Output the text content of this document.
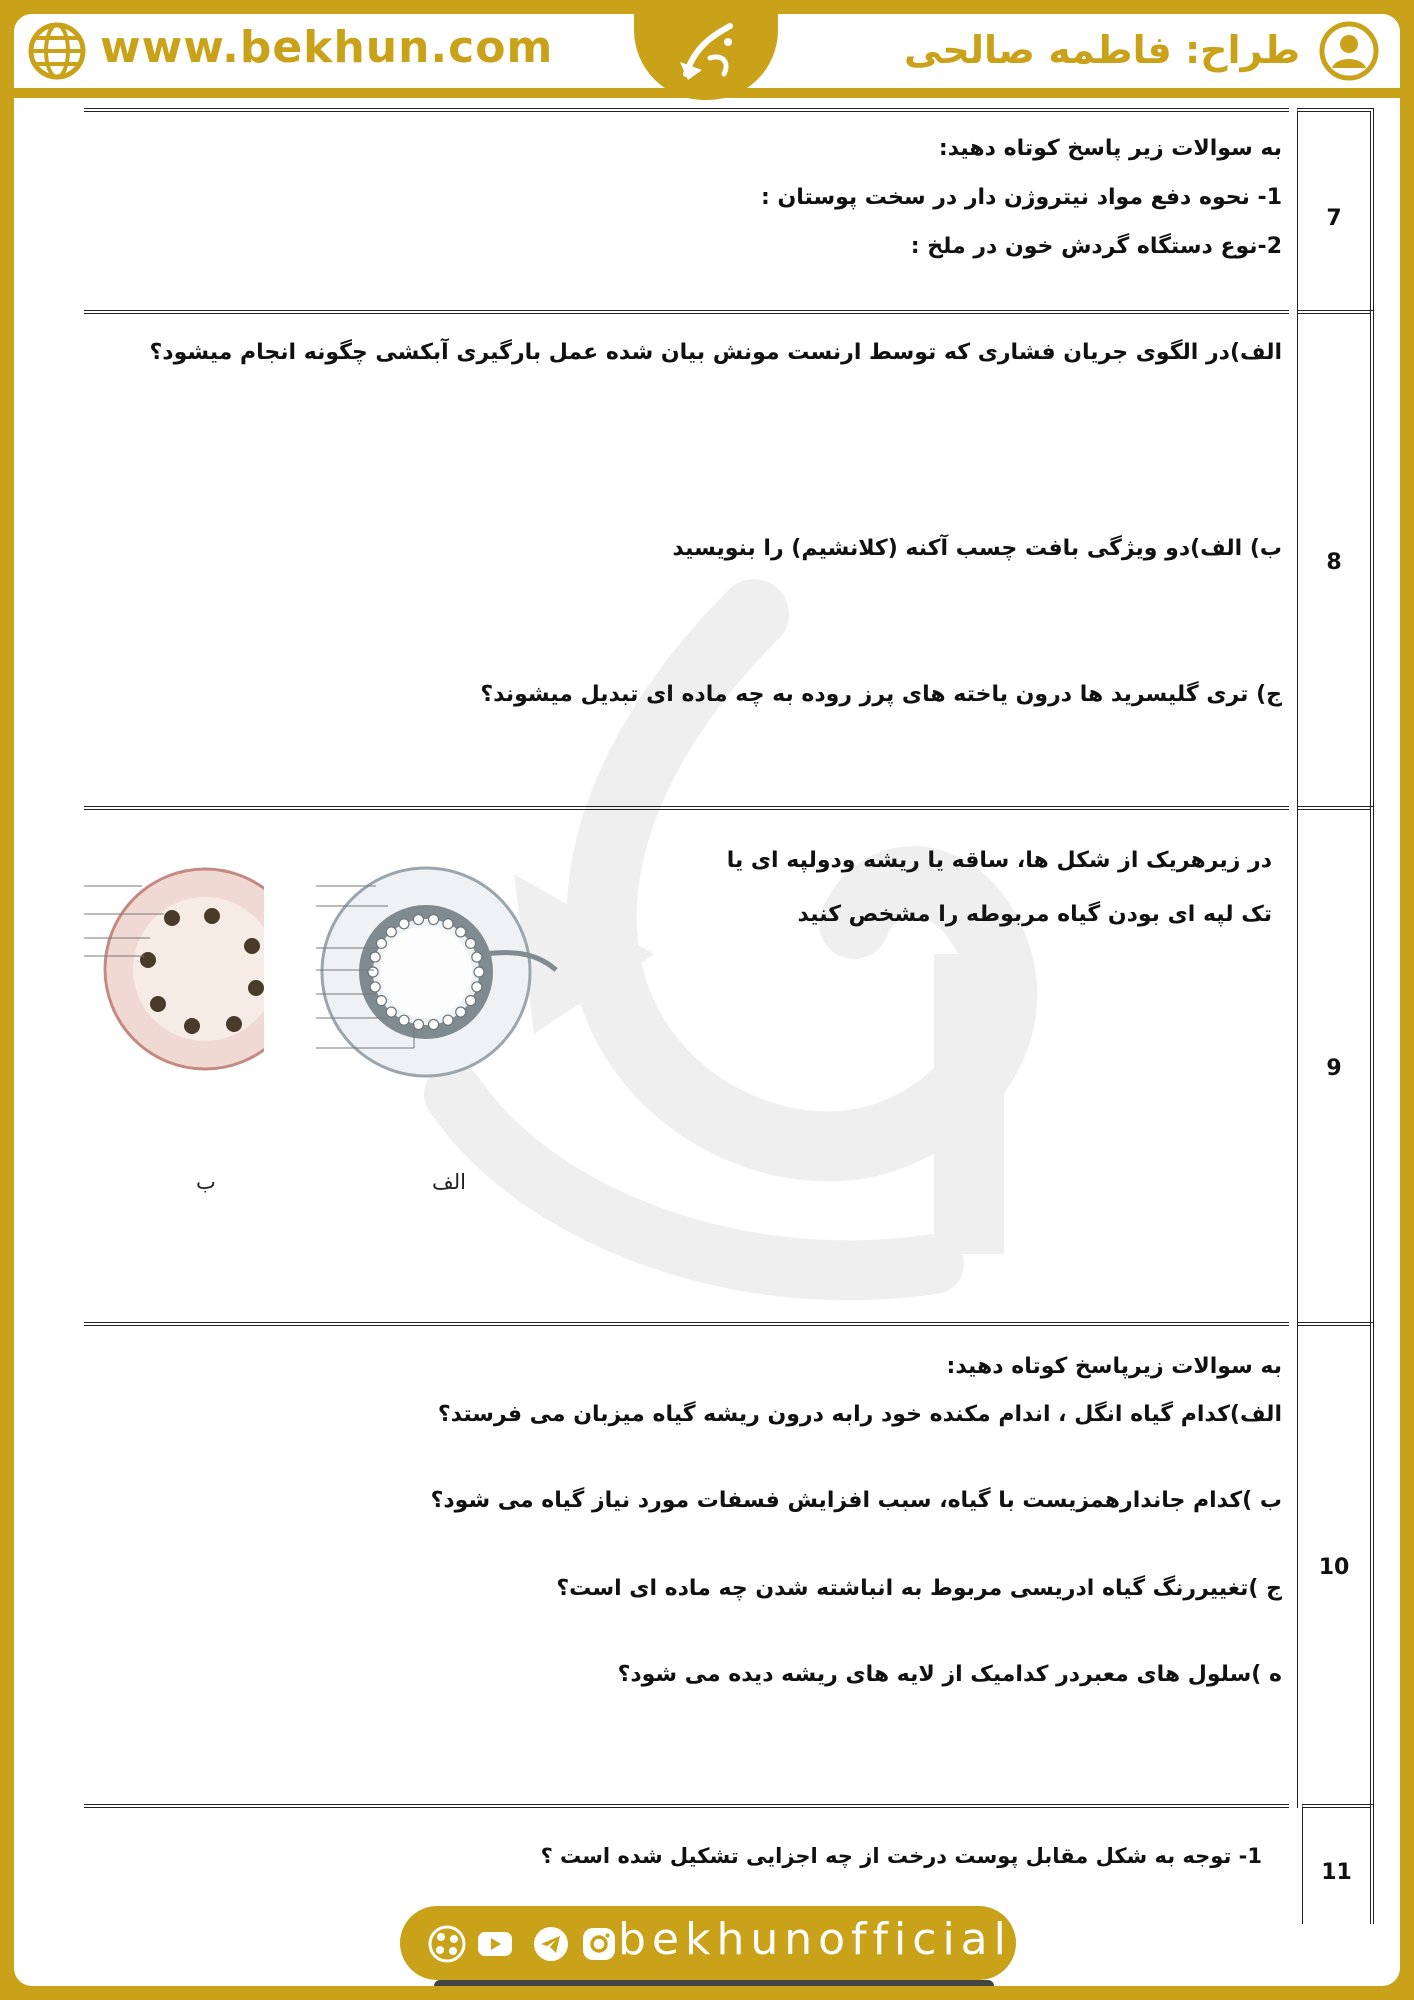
www.bekhun.com	طراح: فاطمه صالحی
7
به سوالات زیر پاسخ کوتاه دهید:
1- نحوه دفع مواد نیتروژن دار در سخت پوستان :
2-نوع دستگاه گردش خون در ملخ :
8
الف)در الگوی جریان فشاری که توسط ارنست مونش بیان شده عمل بارگیری آبکشی چگونه انجام میشود؟
ب) الف)دو ویژگی بافت چسب آکنه (کلانشیم) را بنویسید
ج) تری گلیسرید ها درون یاخته های پرز روده به چه ماده ای تبدیل میشوند؟
9
در زیرهریک از شکل ها، ساقه یا ریشه ودولپه ای یا
تک لپه ای بودن گیاه مربوطه را مشخص کنید
ب	الف
10
به سوالات زیرپاسخ کوتاه دهید:
الف)کدام گیاه انگل ، اندام مکنده خود رابه درون ریشه گیاه میزبان می فرستد؟
ب )کدام جاندارهمزیست با گیاه، سبب افزایش فسفات مورد نیاز گیاه می شود؟
ج )تغییررنگ گیاه ادریسی مربوط به انباشته شدن چه ماده ای است؟
ه )سلول های معبردر کدامیک از لایه های ریشه دیده می شود؟
11
1- توجه به شکل مقابل پوست درخت از چه اجزایی تشکیل شده است ؟
bekhunofficial
